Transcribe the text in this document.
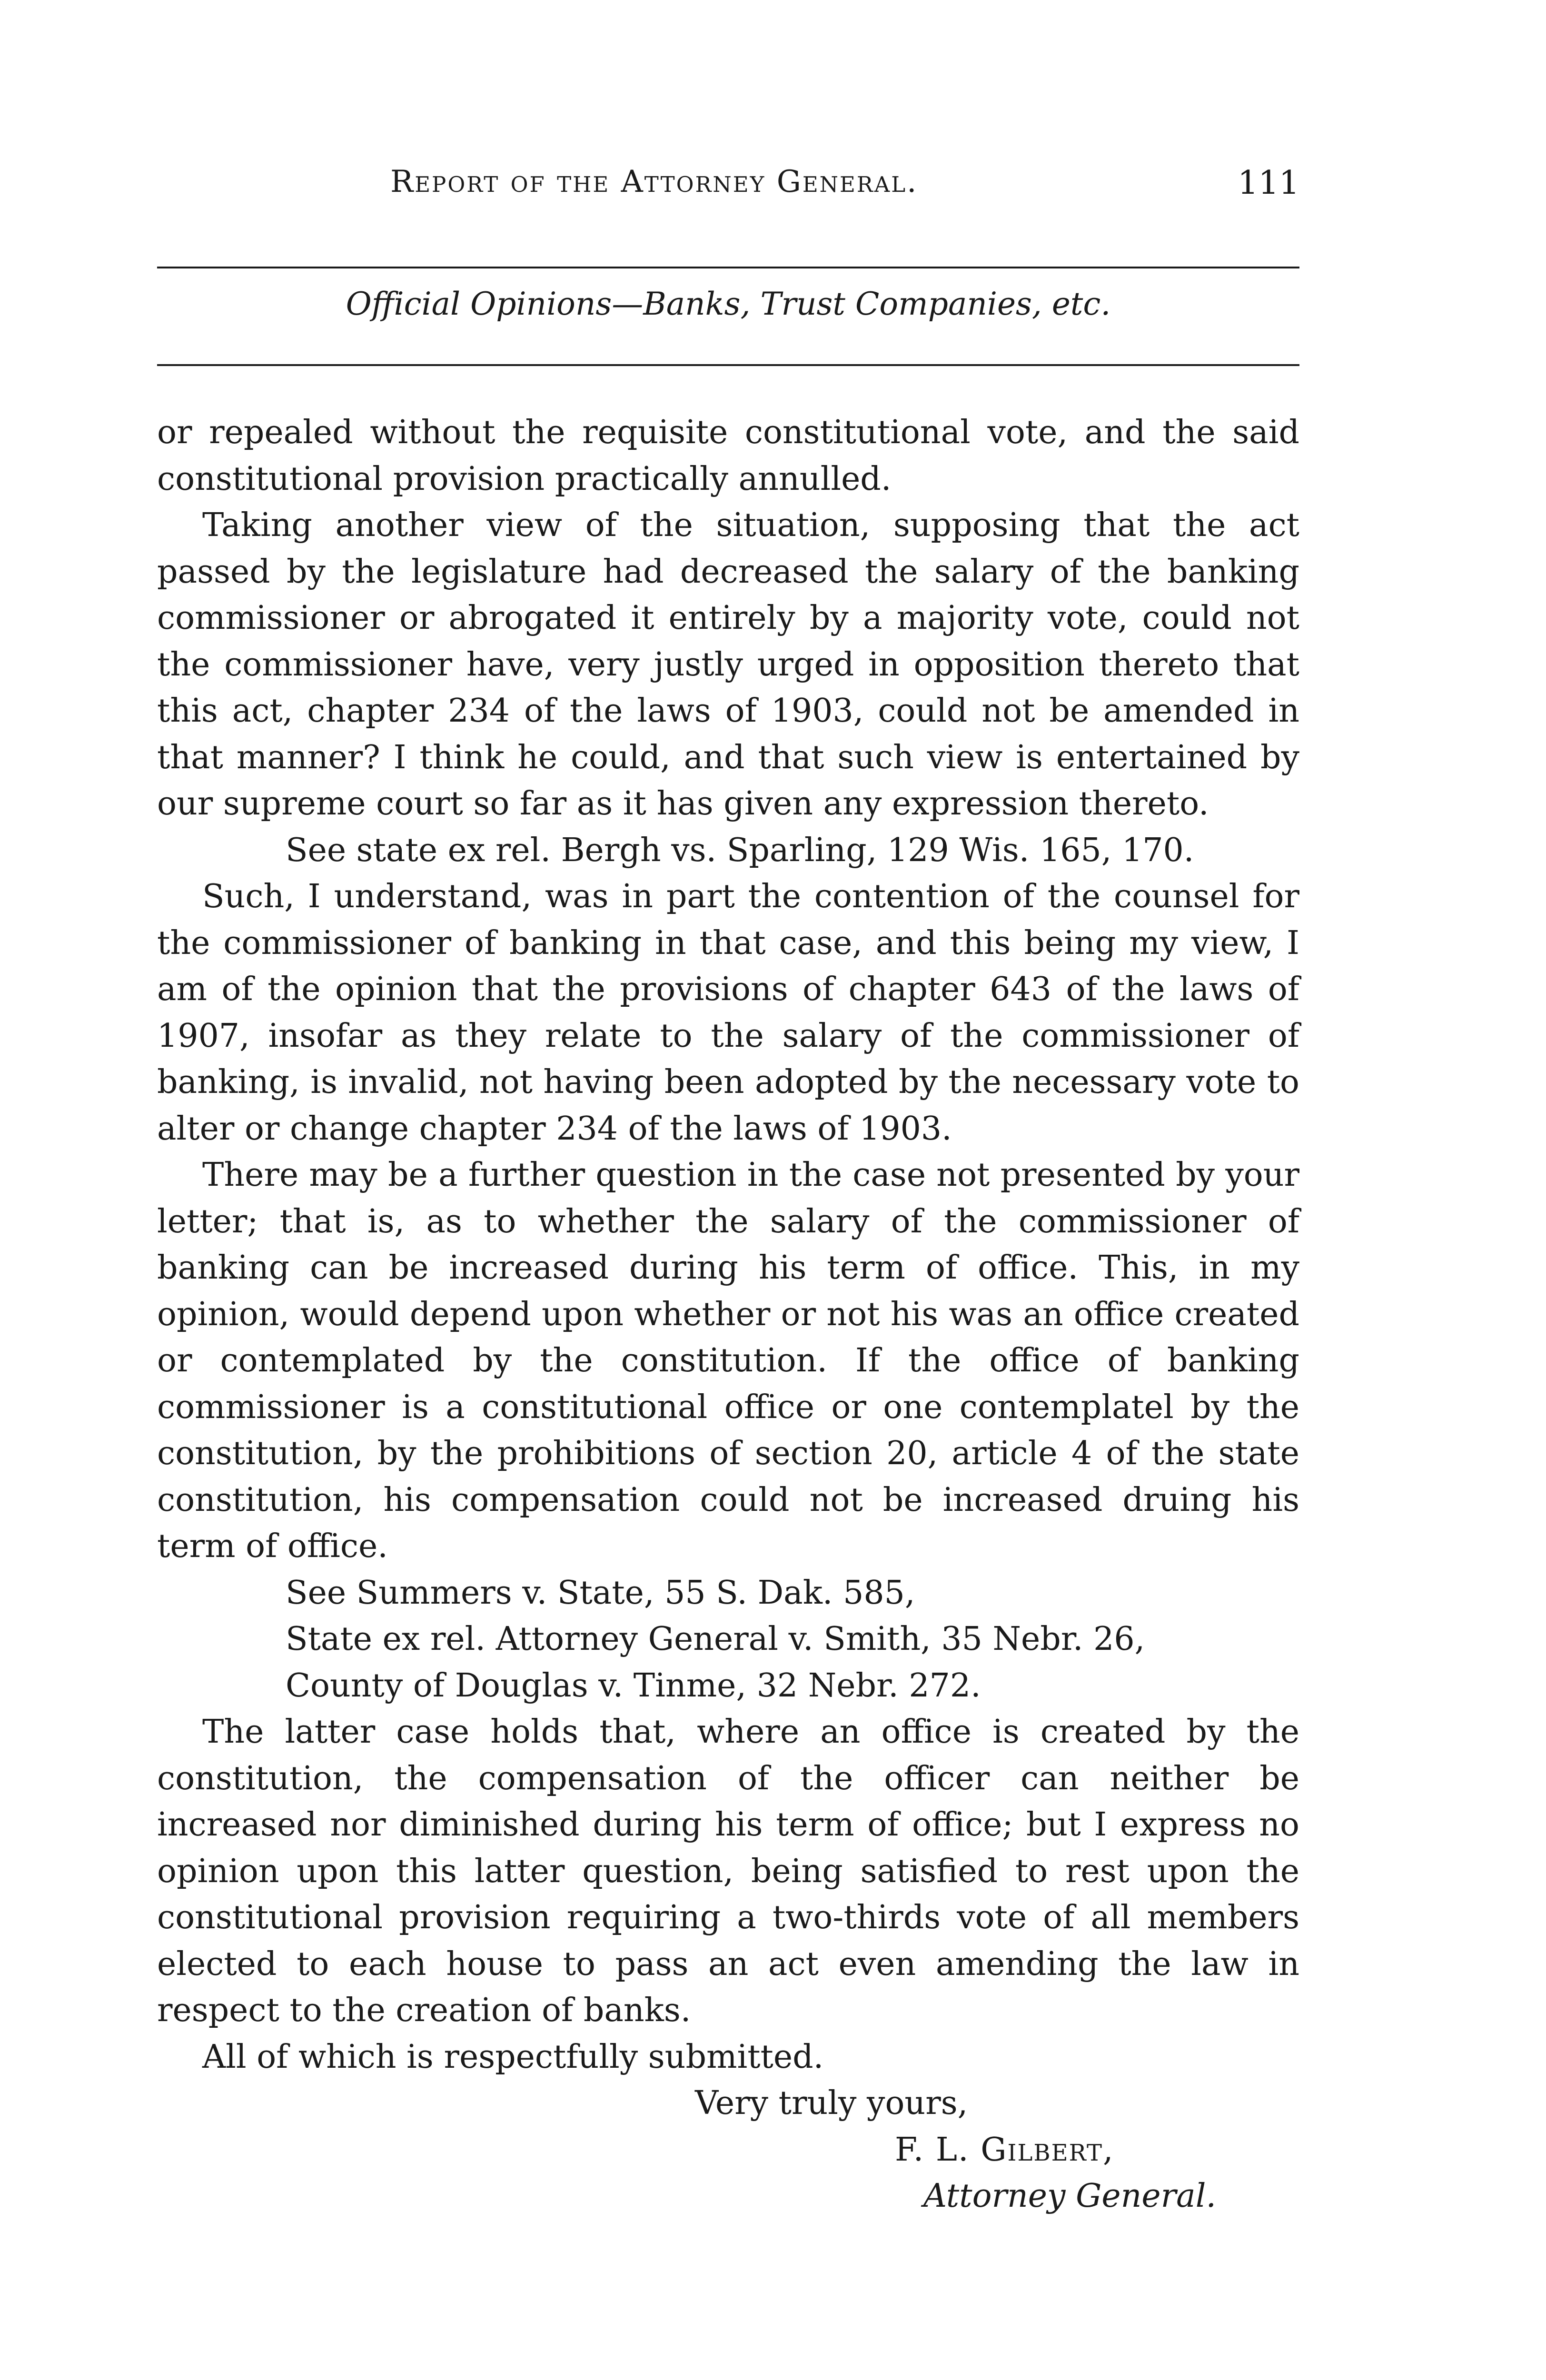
Report of the Attorney General.	111
Official Opinions—Banks, Trust Companies, etc.

or repealed without the requisite constitutional vote, and the said constitutional provision practically annulled.

Taking another view of the situation, supposing that the act passed by the legislature had decreased the salary of the banking commissioner or abrogated it entirely by a majority vote, could not the commissioner have, very justly urged in opposition thereto that this act, chapter 234 of the laws of 1903, could not be amended in that manner? I think he could, and that such view is entertained by our supreme court so far as it has given any expression thereto.

See state ex rel. Bergh vs. Sparling, 129 Wis. 165, 170.

Such, I understand, was in part the contention of the counsel for the commissioner of banking in that case, and this being my view, I am of the opinion that the provisions of chapter 643 of the laws of 1907, insofar as they relate to the salary of the commissioner of banking, is invalid, not having been adopted by the necessary vote to alter or change chapter 234 of the laws of 1903.

There may be a further question in the case not presented by your letter; that is, as to whether the salary of the commissioner of banking can be increased during his term of office. This, in my opinion, would depend upon whether or not his was an office created or contemplated by the constitution. If the office of banking commissioner is a constitutional office or one contemplatel by the constitution, by the prohibitions of section 20, article 4 of the state constitution, his compensation could not be increased druing his term of office.

See Summers v. State, 55 S. Dak. 585,

State ex rel. Attorney General v. Smith, 35 Nebr. 26,

County of Douglas v. Tinme, 32 Nebr. 272.

The latter case holds that, where an office is created by the constitution, the compensation of the officer can neither be increased nor diminished during his term of office; but I express no opinion upon this latter question, being satisfied to rest upon the constitutional provision requiring a two-thirds vote of all members elected to each house to pass an act even amending the law in respect to the creation of banks.

All of which is respectfully submitted.

Very truly yours,

F. L. Gilbert,

Attorney General.
